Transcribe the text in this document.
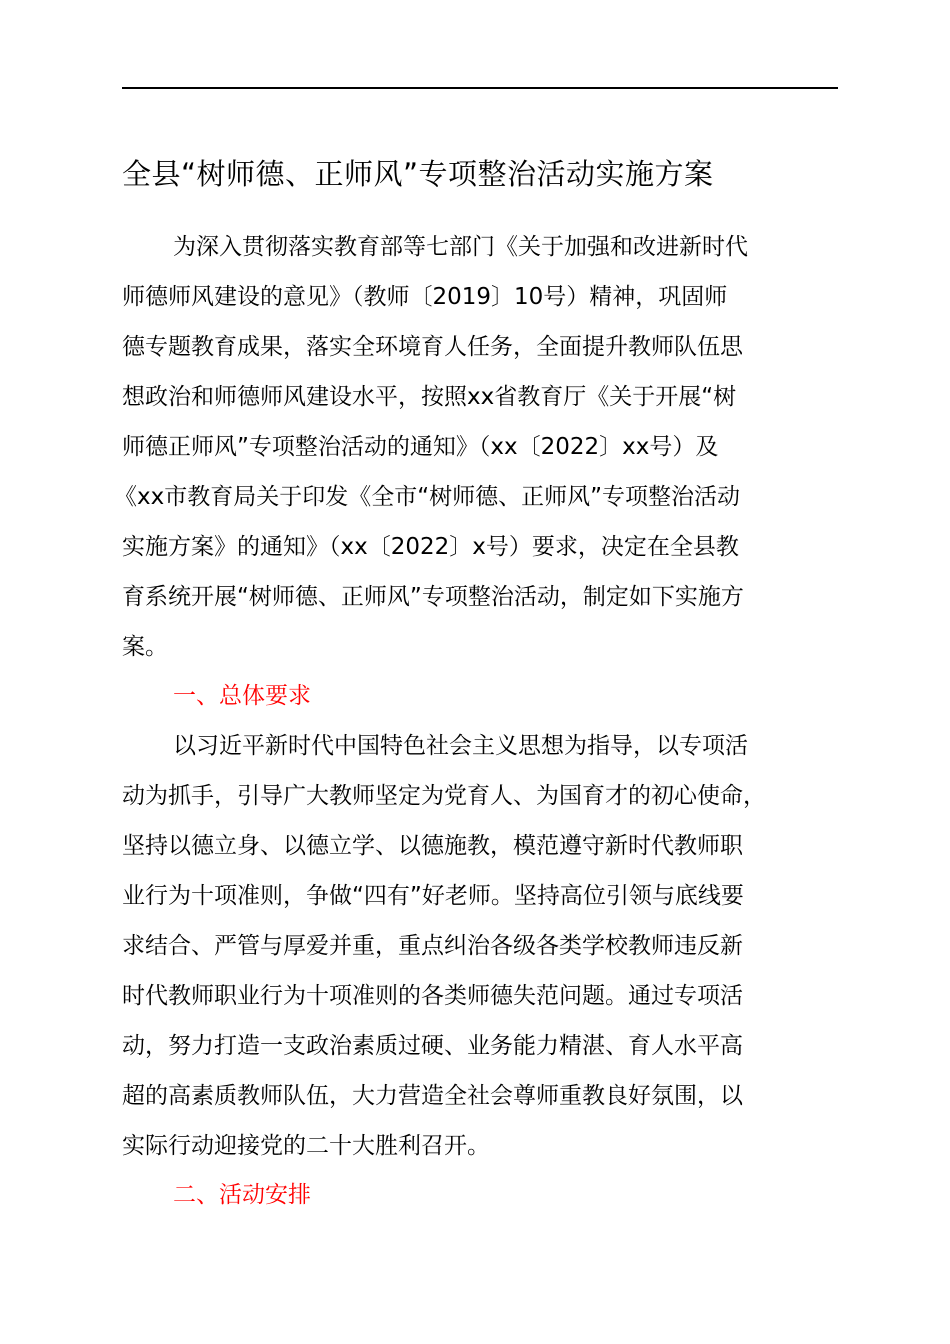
全县“树师德、正师风”专项整治活动实施方案
为深入贯彻落实教育部等七部门《关于加强和改进新时代
师德师风建设的意见》（教师〔2019〕10号）精神，巩固师
德专题教育成果，落实全环境育人任务，全面提升教师队伍思
想政治和师德师风建设水平，按照xx省教育厅《关于开展“树
师德正师风”专项整治活动的通知》（xx〔2022〕xx号）及
《xx市教育局关于印发《全市“树师德、正师风”专项整治活动
实施方案》的通知》（xx〔2022〕x号）要求，决定在全县教
育系统开展“树师德、正师风”专项整治活动，制定如下实施方
案。
一、总体要求
以习近平新时代中国特色社会主义思想为指导，以专项活
动为抓手，引导广大教师坚定为党育人、为国育才的初心使命，
坚持以德立身、以德立学、以德施教，模范遵守新时代教师职
业行为十项准则，争做“四有”好老师。坚持高位引领与底线要
求结合、严管与厚爱并重，重点纠治各级各类学校教师违反新
时代教师职业行为十项准则的各类师德失范问题。通过专项活
动，努力打造一支政治素质过硬、业务能力精湛、育人水平高
超的高素质教师队伍，大力营造全社会尊师重教良好氛围，以
实际行动迎接党的二十大胜利召开。
二、活动安排
